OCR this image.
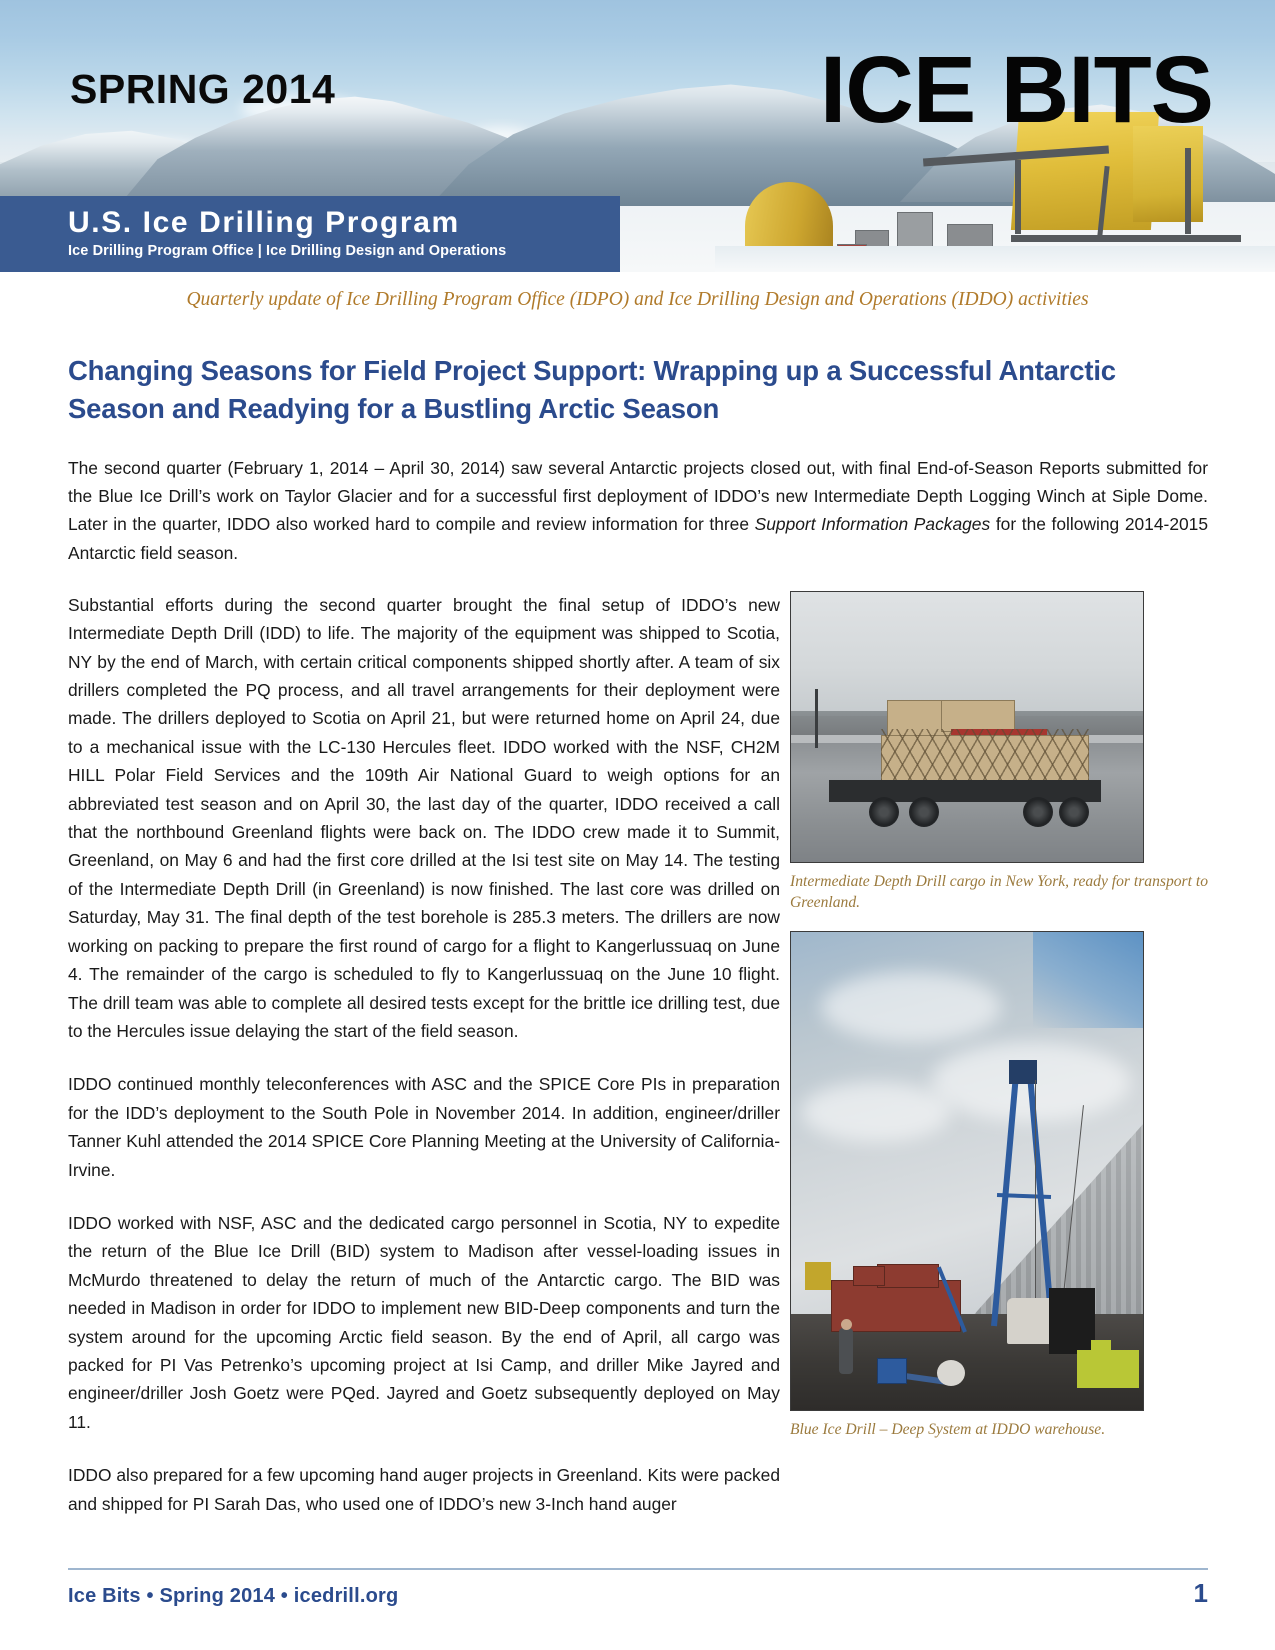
SPRING 2014	ICE BITS
U.S. Ice Drilling Program
Ice Drilling Program Office | Ice Drilling Design and Operations
Quarterly update of Ice Drilling Program Office (IDPO) and Ice Drilling Design and Operations (IDDO) activities
Changing Seasons for Field Project Support: Wrapping up a Successful Antarctic Season and Readying for a Bustling Arctic Season

The second quarter (February 1, 2014 – April 30, 2014) saw several Antarctic projects closed out, with final End-of-Season Reports submitted for the Blue Ice Drill’s work on Taylor Glacier and for a successful first deployment of IDDO’s new Intermediate Depth Logging Winch at Siple Dome. Later in the quarter, IDDO also worked hard to compile and review information for three Support Information Packages for the following 2014-2015 Antarctic field season.

Substantial efforts during the second quarter brought the final setup of IDDO’s new Intermediate Depth Drill (IDD) to life. The majority of the equipment was shipped to Scotia, NY by the end of March, with certain critical components shipped shortly after. A team of six drillers completed the PQ process, and all travel arrangements for their deployment were made. The drillers deployed to Scotia on April 21, but were returned home on April 24, due to a mechanical issue with the LC-130 Hercules fleet. IDDO worked with the NSF, CH2M HILL Polar Field Services and the 109th Air National Guard to weigh options for an abbreviated test season and on April 30, the last day of the quarter, IDDO received a call that the northbound Greenland flights were back on. The IDDO crew made it to Summit, Greenland, on May 6 and had the first core drilled at the Isi test site on May 14. The testing of the Intermediate Depth Drill (in Greenland) is now finished. The last core was drilled on Saturday, May 31. The final depth of the test borehole is 285.3 meters. The drillers are now working on packing to prepare the first round of cargo for a flight to Kangerlussuaq on June 4. The remainder of the cargo is scheduled to fly to Kangerlussuaq on the June 10 flight. The drill team was able to complete all desired tests except for the brittle ice drilling test, due to the Hercules issue delaying the start of the field season.

IDDO continued monthly teleconferences with ASC and the SPICE Core PIs in preparation for the IDD’s deployment to the South Pole in November 2014. In addition, engineer/driller Tanner Kuhl attended the 2014 SPICE Core Planning Meeting at the University of California-Irvine.

IDDO worked with NSF, ASC and the dedicated cargo personnel in Scotia, NY to expedite the return of the Blue Ice Drill (BID) system to Madison after vessel-loading issues in McMurdo threatened to delay the return of much of the Antarctic cargo. The BID was needed in Madison in order for IDDO to implement new BID-Deep components and turn the system around for the upcoming Arctic field season. By the end of April, all cargo was packed for PI Vas Petrenko’s upcoming project at Isi Camp, and driller Mike Jayred and engineer/driller Josh Goetz were PQed. Jayred and Goetz subsequently deployed on May 11.

IDDO also prepared for a few upcoming hand auger projects in Greenland. Kits were packed and shipped for PI Sarah Das, who used one of IDDO’s new 3-Inch hand auger

Intermediate Depth Drill cargo in New York, ready for transport to Greenland.
Blue Ice Drill – Deep System at IDDO warehouse.
Ice Bits • Spring 2014 • icedrill.org	1
